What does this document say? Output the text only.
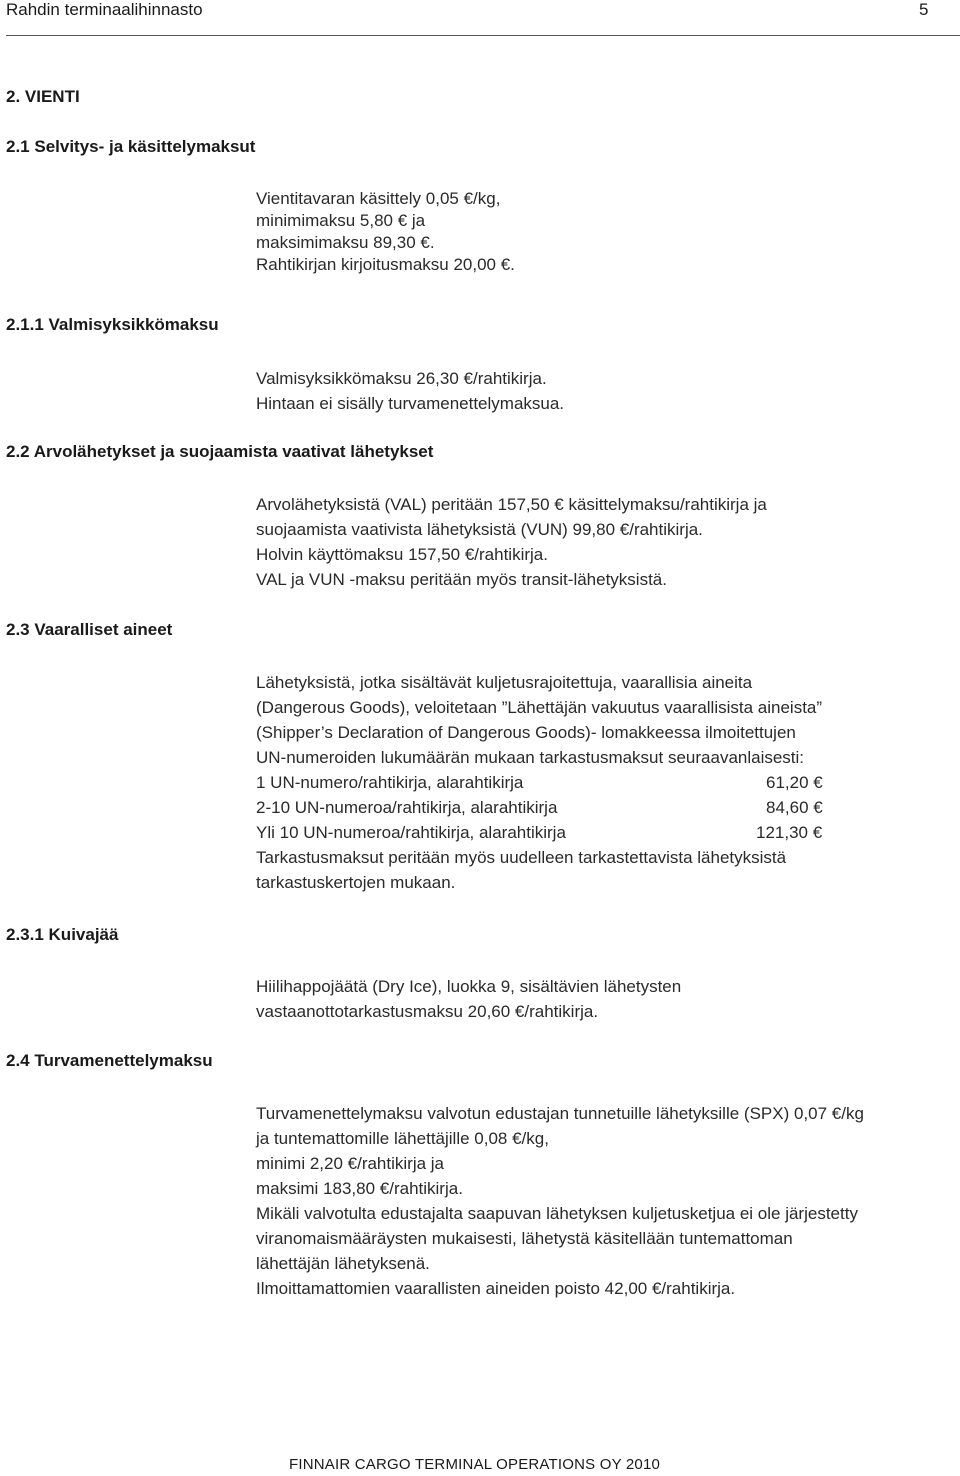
Rahdin terminaalihinnasto	5
2. VIENTI
2.1 Selvitys- ja käsittelymaksut
Vientitavaran käsittely 0,05 €/kg,
minimimaksu 5,80 € ja
maksimimaksu 89,30 €.
Rahtikirjan kirjoitusmaksu 20,00 €.
2.1.1 Valmisyksikkömaksu
Valmisyksikkömaksu 26,30 €/rahtikirja.
Hintaan ei sisälly turvamenettelymaksua.
2.2 Arvolähetykset ja suojaamista vaativat lähetykset
Arvolähetyksistä (VAL) peritään 157,50 € käsittelymaksu/rahtikirja ja
suojaamista vaativista lähetyksistä (VUN) 99,80 €/rahtikirja.
Holvin käyttömaksu 157,50 €/rahtikirja.
VAL ja VUN -maksu peritään myös transit-lähetyksistä.
2.3 Vaaralliset aineet
Lähetyksistä, jotka sisältävät kuljetusrajoitettuja, vaarallisia aineita
(Dangerous Goods), veloitetaan ”Lähettäjän vakuutus vaarallisista aineista”
(Shipper’s Declaration of Dangerous Goods)- lomakkeessa ilmoitettujen
UN-numeroiden lukumäärän mukaan tarkastusmaksut seuraavanlaisesti:
1 UN-numero/rahtikirja, alarahtikirja	61,20 €
2-10 UN-numeroa/rahtikirja, alarahtikirja	84,60 €
Yli 10 UN-numeroa/rahtikirja, alarahtikirja	121,30 €
Tarkastusmaksut peritään myös uudelleen tarkastettavista lähetyksistä
tarkastuskertojen mukaan.
2.3.1 Kuivajää
Hiilihappojäätä (Dry Ice), luokka 9, sisältävien lähetysten
vastaanottotarkastusmaksu 20,60 €/rahtikirja.
2.4 Turvamenettelymaksu
Turvamenettelymaksu valvotun edustajan tunnetuille lähetyksille (SPX) 0,07 €/kg
ja tuntemattomille lähettäjille 0,08 €/kg,
minimi 2,20 €/rahtikirja ja
maksimi 183,80 €/rahtikirja.
Mikäli valvotulta edustajalta saapuvan lähetyksen kuljetusketjua ei ole järjestetty
viranomaismääräysten mukaisesti, lähetystä käsitellään tuntemattoman
lähettäjän lähetyksenä.
Ilmoittamattomien vaarallisten aineiden poisto 42,00 €/rahtikirja.
FINNAIR CARGO TERMINAL OPERATIONS OY 2010
